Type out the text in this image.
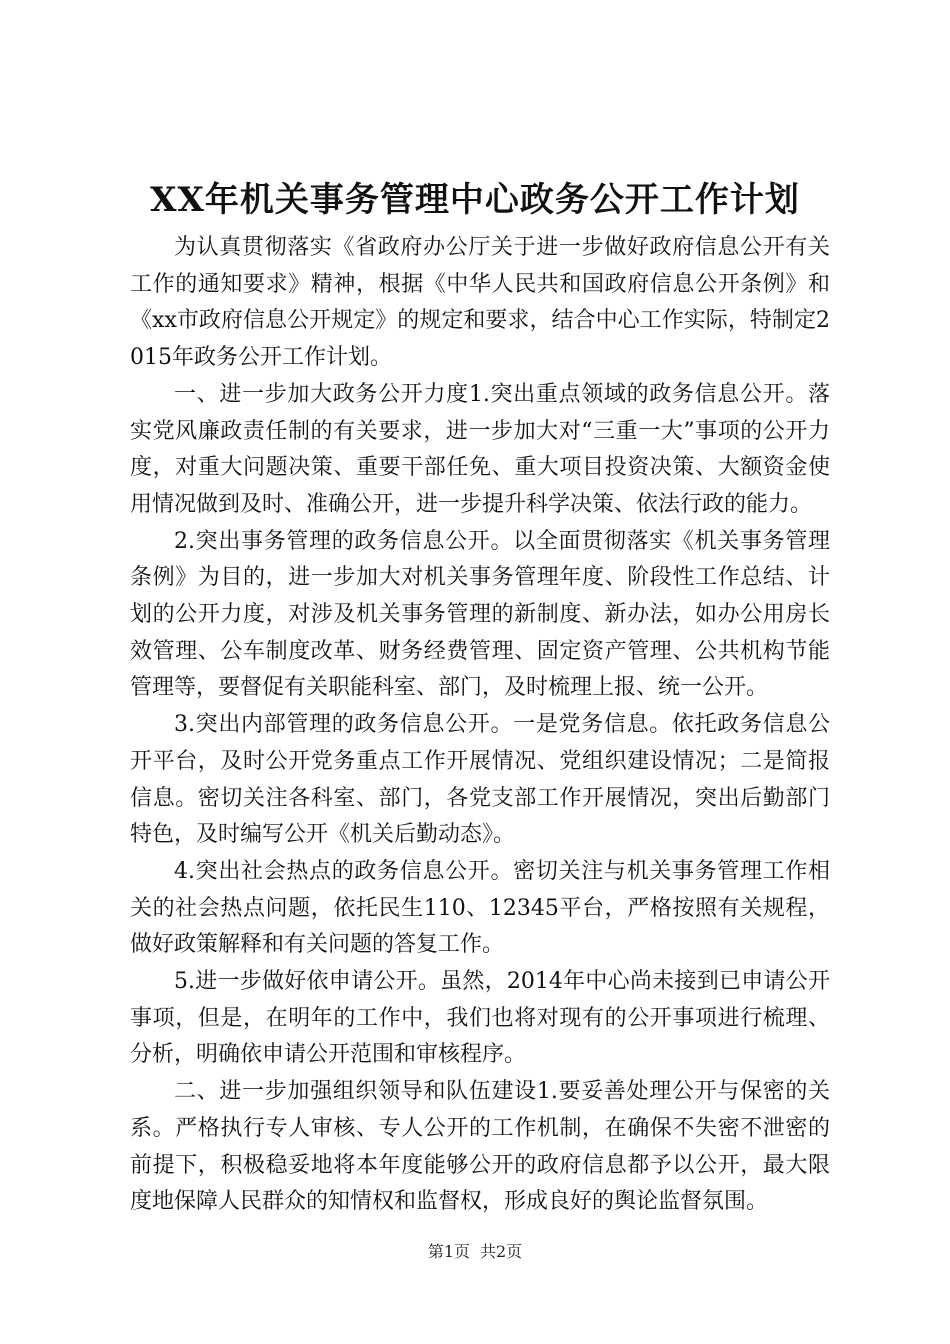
XX年机关事务管理中心政务公开工作计划

为认真贯彻落实《省政府办公厅关于进一步做好政府信息公开有关工作的通知要求》精神，根据《中华人民共和国政府信息公开条例》和《xx市政府信息公开规定》的规定和要求，结合中心工作实际，特制定2015年政务公开工作计划。

一、进一步加大政务公开力度1.突出重点领域的政务信息公开。落实党风廉政责任制的有关要求，进一步加大对“三重一大”事项的公开力度，对重大问题决策、重要干部任免、重大项目投资决策、大额资金使用情况做到及时、准确公开，进一步提升科学决策、依法行政的能力。

2.突出事务管理的政务信息公开。以全面贯彻落实《机关事务管理条例》为目的，进一步加大对机关事务管理年度、阶段性工作总结、计划的公开力度，对涉及机关事务管理的新制度、新办法，如办公用房长效管理、公车制度改革、财务经费管理、固定资产管理、公共机构节能管理等，要督促有关职能科室、部门，及时梳理上报、统一公开。

3.突出内部管理的政务信息公开。一是党务信息。依托政务信息公开平台，及时公开党务重点工作开展情况、党组织建设情况；二是简报信息。密切关注各科室、部门，各党支部工作开展情况，突出后勤部门特色，及时编写公开《机关后勤动态》。

4.突出社会热点的政务信息公开。密切关注与机关事务管理工作相关的社会热点问题，依托民生110、12345平台，严格按照有关规程，做好政策解释和有关问题的答复工作。

5.进一步做好依申请公开。虽然，2014年中心尚未接到已申请公开事项，但是，在明年的工作中，我们也将对现有的公开事项进行梳理、分析，明确依申请公开范围和审核程序。

二、进一步加强组织领导和队伍建设1.要妥善处理公开与保密的关系。严格执行专人审核、专人公开的工作机制，在确保不失密不泄密的前提下，积极稳妥地将本年度能够公开的政府信息都予以公开，最大限度地保障人民群众的知情权和监督权，形成良好的舆论监督氛围。

第1页 共2页
